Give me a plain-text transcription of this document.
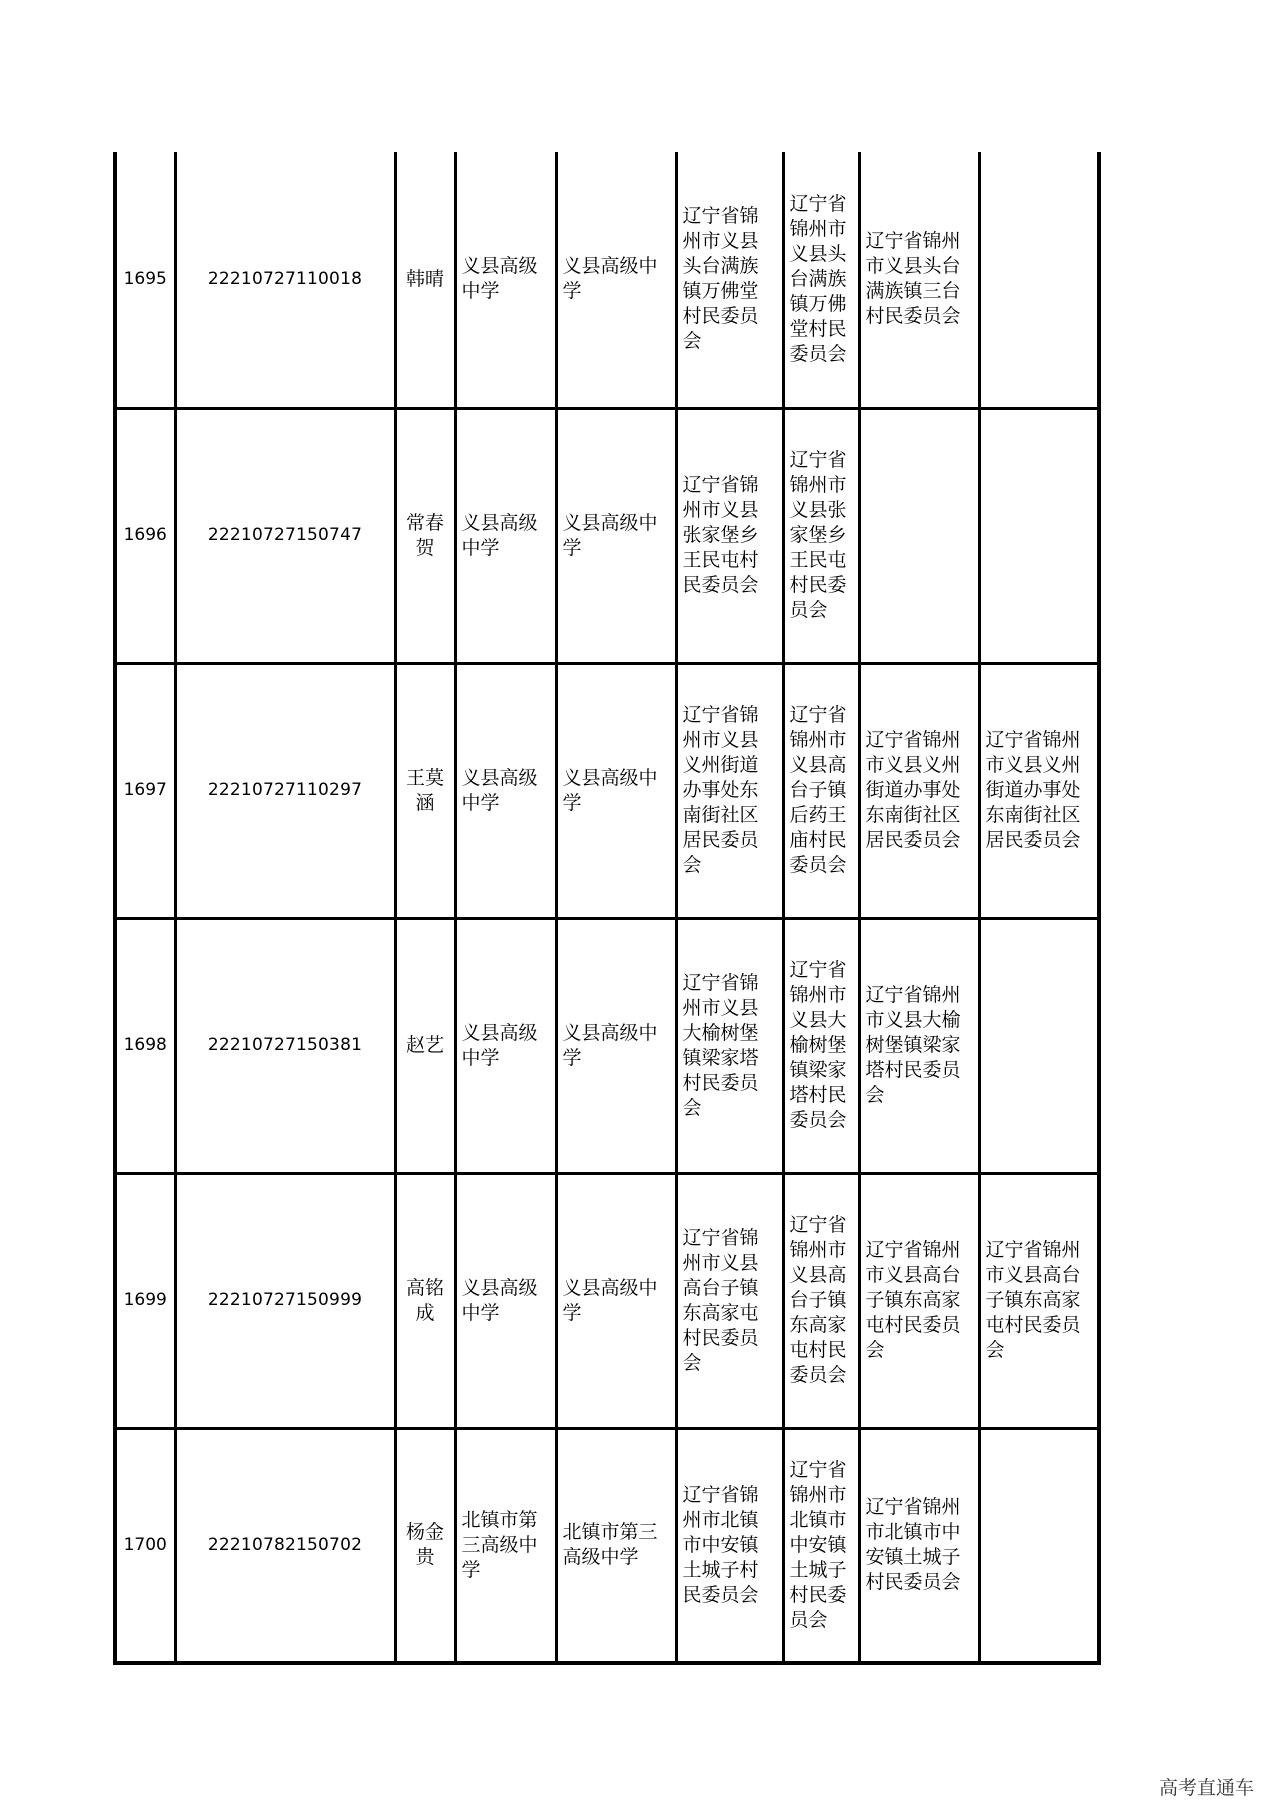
1695	22210727110018	韩晴	义县高级中学	义县高级中学	辽宁省锦州市义县头台满族镇万佛堂村民委员会	辽宁省锦州市义县头台满族镇万佛堂村民委员会	辽宁省锦州市义县头台满族镇三台村民委员会	
1696	22210727150747	常春贺	义县高级中学	义县高级中学	辽宁省锦州市义县张家堡乡王民屯村民委员会	辽宁省锦州市义县张家堡乡王民屯村民委员会		
1697	22210727110297	王莫涵	义县高级中学	义县高级中学	辽宁省锦州市义县义州街道办事处东南街社区居民委员会	辽宁省锦州市义县高台子镇后药王庙村民委员会	辽宁省锦州市义县义州街道办事处东南街社区居民委员会	辽宁省锦州市义县义州街道办事处东南街社区居民委员会
1698	22210727150381	赵艺	义县高级中学	义县高级中学	辽宁省锦州市义县大榆树堡镇梁家塔村民委员会	辽宁省锦州市义县大榆树堡镇梁家塔村民委员会	辽宁省锦州市义县大榆树堡镇梁家塔村民委员会	
1699	22210727150999	高铭成	义县高级中学	义县高级中学	辽宁省锦州市义县高台子镇东高家屯村民委员会	辽宁省锦州市义县高台子镇东高家屯村民委员会	辽宁省锦州市义县高台子镇东高家屯村民委员会	辽宁省锦州市义县高台子镇东高家屯村民委员会
1700	22210782150702	杨金贵	北镇市第三高级中学	北镇市第三高级中学	辽宁省锦州市北镇市中安镇土城子村民委员会	辽宁省锦州市北镇市中安镇土城子村民委员会	辽宁省锦州市北镇市中安镇土城子村民委员会	
高考直通车
